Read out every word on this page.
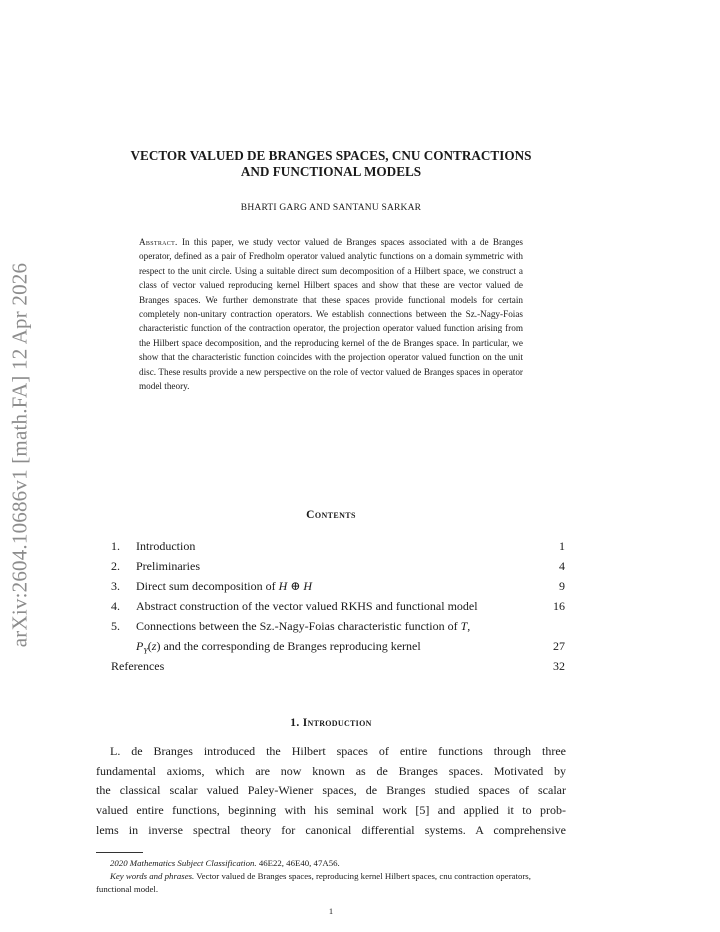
arXiv:2604.10686v1 [math.FA] 12 Apr 2026
VECTOR VALUED DE BRANGES SPACES, CNU CONTRACTIONS
AND FUNCTIONAL MODELS

BHARTI GARG AND SANTANU SARKAR

Abstract. In this paper, we study vector valued de Branges spaces associated with a de Branges operator, defined as a pair of Fredholm operator valued analytic functions on a domain symmetric with respect to the unit circle. Using a suitable direct sum decomposition of a Hilbert space, we construct a class of vector valued reproducing kernel Hilbert spaces and show that these are vector valued de Branges spaces. We further demonstrate that these spaces provide functional models for certain completely non-unitary contraction operators. We establish connections between the Sz.-Nagy-Foias characteristic function of the contraction operator, the projection operator valued function arising from the Hilbert space decomposition, and the reproducing kernel of the de Branges space. In particular, we show that the characteristic function coincides with the projection operator valued function on the unit disc. These results provide a new perspective on the role of vector valued de Branges spaces in operator model theory.

Contents
1. Introduction	1
2. Preliminaries	4
3. Direct sum decomposition of H ⊕ H	9
4. Abstract construction of the vector valued RKHS and functional model	16
5. Connections between the Sz.-Nagy-Foias characteristic function of T,
$P_Y(z)$ and the corresponding de Branges reproducing kernel	27
References	32
1. Introduction

L. de Branges introduced the Hilbert spaces of entire functions through three
fundamental axioms, which are now known as de Branges spaces. Motivated by
the classical scalar valued Paley-Wiener spaces, de Branges studied spaces of scalar
valued entire functions, beginning with his seminal work [5] and applied it to prob-
lems in inverse spectral theory for canonical differential systems. A comprehensive

2020 Mathematics Subject Classification. 46E22, 46E40, 47A56.

Key words and phrases. Vector valued de Branges spaces, reproducing kernel Hilbert spaces, cnu contraction operators, functional model.

1
